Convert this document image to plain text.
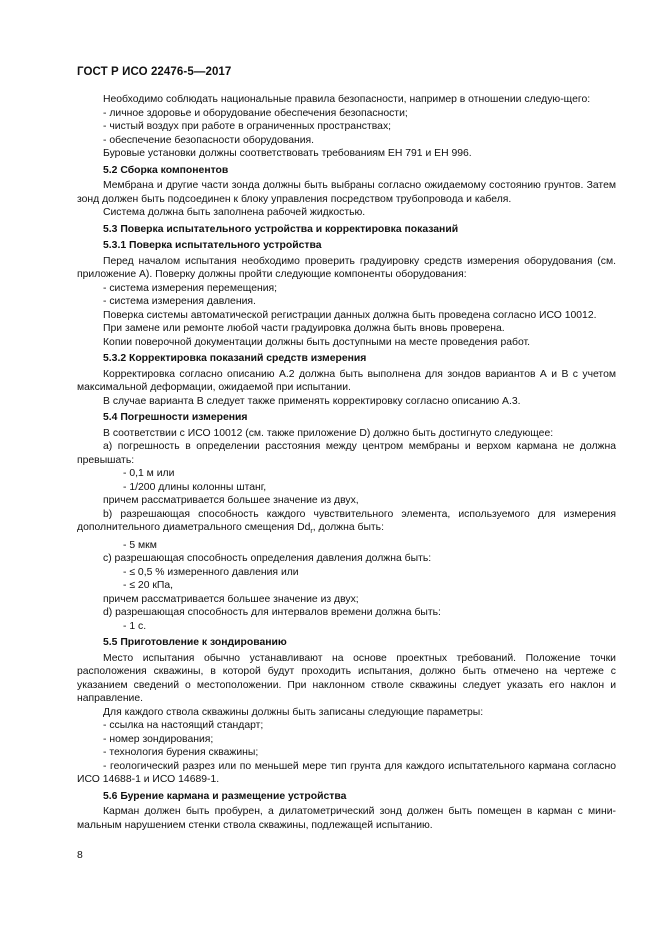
ГОСТ Р ИСО 22476-5—2017

Необходимо соблюдать национальные правила безопасности, например в отношении следую-щего:

- личное здоровье и оборудование обеспечения безопасности;

- чистый воздух при работе в ограниченных пространствах;

- обеспечение безопасности оборудования.

Буровые установки должны соответствовать требованиям ЕН 791 и ЕН 996.

5.2 Сборка компонентов

Мембрана и другие части зонда должны быть выбраны согласно ожидаемому состоянию грунтов. Затем зонд должен быть подсоединен к блоку управления посредством трубопровода и кабеля.

Система должна быть заполнена рабочей жидкостью.

5.3 Поверка испытательного устройства и корректировка показаний

5.3.1 Поверка испытательного устройства

Перед началом испытания необходимо проверить градуировку средств измерения оборудования (см. приложение А). Поверку должны пройти следующие компоненты оборудования:

- система измерения перемещения;

- система измерения давления.

Поверка системы автоматической регистрации данных должна быть проведена согласно ИСО 10012.

При замене или ремонте любой части градуировка должна быть вновь проверена.

Копии поверочной документации должны быть доступными на месте проведения работ.

5.3.2 Корректировка показаний средств измерения

Корректировка согласно описанию А.2 должна быть выполнена для зондов вариантов А и В с учетом максимальной деформации, ожидаемой при испытании.

В случае варианта В следует также применять корректировку согласно описанию А.3.

5.4 Погрешности измерения

В соответствии с ИСО 10012 (см. также приложение D) должно быть достигнуто следующее:

а) погрешность в определении расстояния между центром мембраны и верхом кармана не должна превышать:

- 0,1 м или

- 1/200 длины колонны штанг,

причем рассматривается большее значение из двух,

b) разрешающая способность каждого чувствительного элемента, используемого для измерения дополнительного диаметрального смещения $Dd_r$, должна быть:

- 5 мкм

с) разрешающая способность определения давления должна быть:

- ≤ 0,5 % измеренного давления или

- ≤ 20 кПа,

причем рассматривается большее значение из двух;

d) разрешающая способность для интервалов времени должна быть:

- 1 с.

5.5 Приготовление к зондированию

Место испытания обычно устанавливают на основе проектных требований. Положение точки расположения скважины, в которой будут проходить испытания, должно быть отмечено на чертеже с указанием сведений о местоположении. При наклонном стволе скважины следует указать его наклон и направление.

Для каждого ствола скважины должны быть записаны следующие параметры:

- ссылка на настоящий стандарт;

- номер зондирования;

- технология бурения скважины;

- геологический разрез или по меньшей мере тип грунта для каждого испытательного кармана согласно ИСО 14688-1 и ИСО 14689-1.

5.6 Бурение кармана и размещение устройства

Карман должен быть пробурен, а дилатометрический зонд должен быть помещен в карман с мини-мальным нарушением стенки ствола скважины, подлежащей испытанию.

8
